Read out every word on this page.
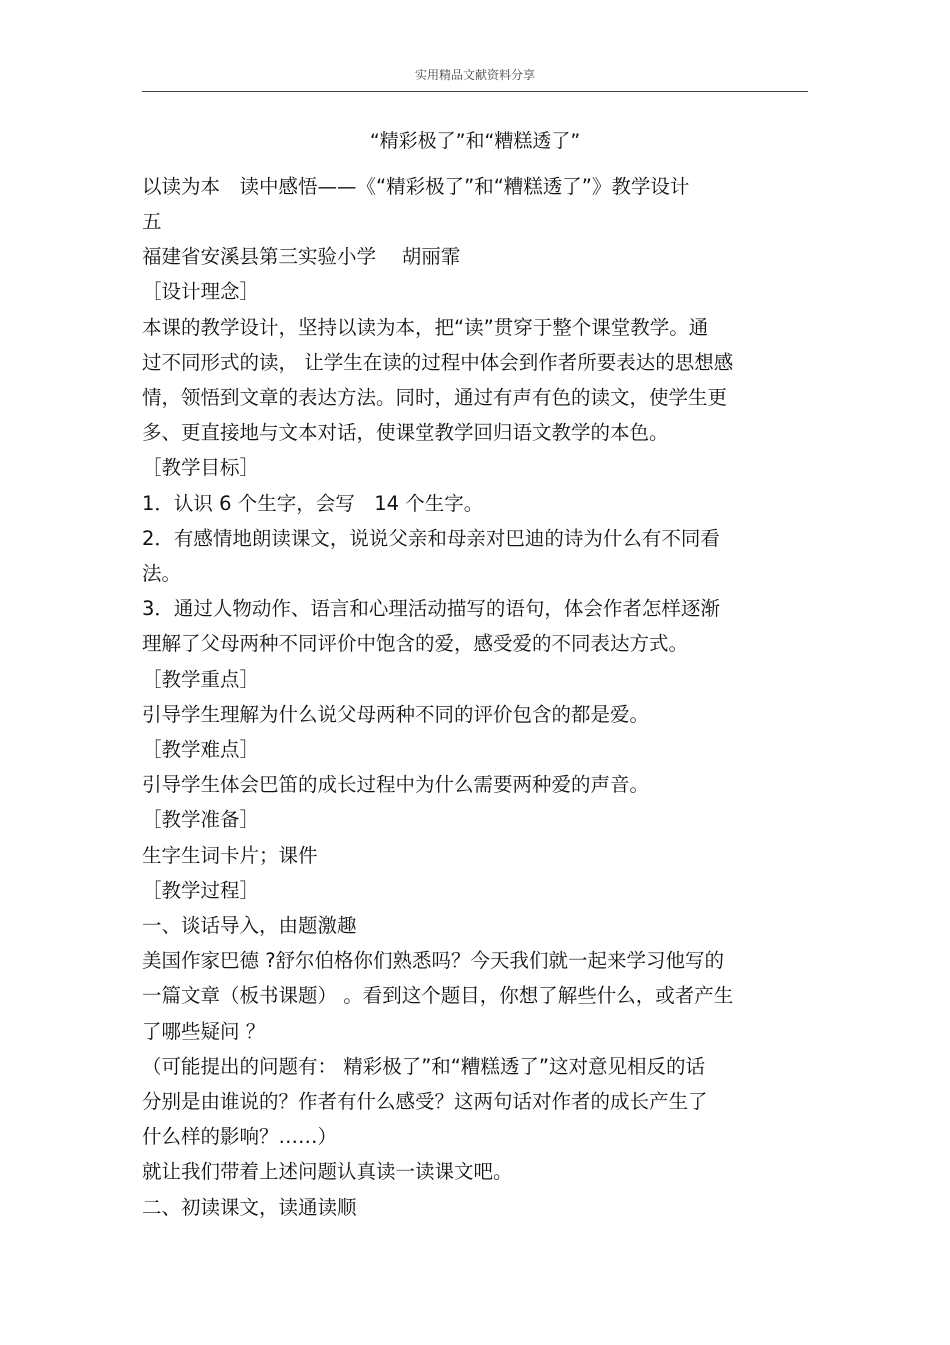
实用精品文献资料分享
“精彩极了”和“糟糕透了”
以读为本　读中感悟——《“精彩极了”和“糟糕透了”》教学设计
五
福建省安溪县第三实验小学　 胡丽霏
［设计理念］
本课的教学设计，坚持以读为本，把“读”贯穿于整个课堂教学。通
过不同形式的读， 让学生在读的过程中体会到作者所要表达的思想感
情，领悟到文章的表达方法。同时，通过有声有色的读文，使学生更
多、更直接地与文本对话，使课堂教学回归语文教学的本色。
［教学目标］
1．认识 6 个生字，会写　14 个生字。
2．有感情地朗读课文，说说父亲和母亲对巴迪的诗为什么有不同看
法。
3．通过人物动作、语言和心理活动描写的语句，体会作者怎样逐渐
理解了父母两种不同评价中饱含的爱，感受爱的不同表达方式。
［教学重点］
引导学生理解为什么说父母两种不同的评价包含的都是爱。
［教学难点］
引导学生体会巴笛的成长过程中为什么需要两种爱的声音。
［教学准备］
生字生词卡片；课件
［教学过程］
一、谈话导入，由题激趣
美国作家巴德 ?舒尔伯格你们熟悉吗？今天我们就一起来学习他写的
一篇文章（板书课题） 。看到这个题目，你想了解些什么，或者产生
了哪些疑问 ？
（可能提出的问题有： 精彩极了”和“糟糕透了”这对意见相反的话
分别是由谁说的？作者有什么感受？这两句话对作者的成长产生了
什么样的影响？……）
就让我们带着上述问题认真读一读课文吧。
二、初读课文，读通读顺
